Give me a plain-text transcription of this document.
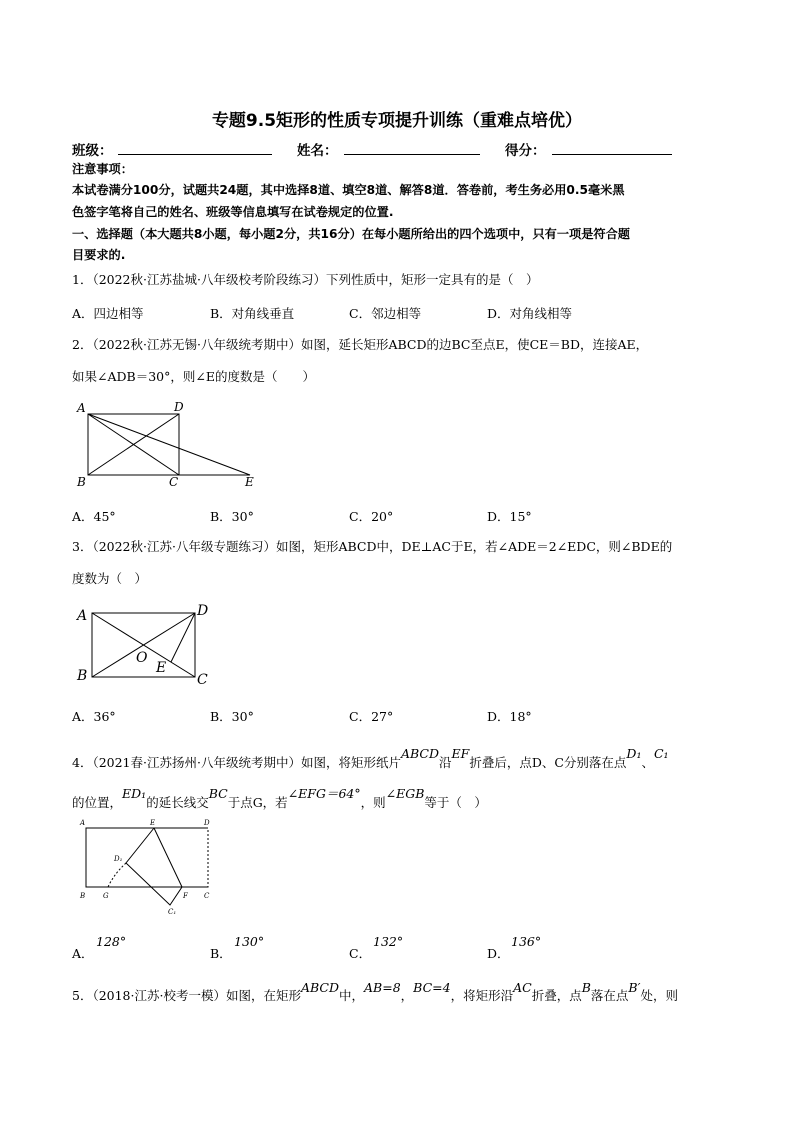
专题9.5矩形的性质专项提升训练（重难点培优）
班级：	姓名：	得分：
注意事项：
本试卷满分100分，试题共24题，其中选择8道、填空8道、解答8道．答卷前，考生务必用0.5毫米黑
色签字笔将自己的姓名、班级等信息填写在试卷规定的位置.
一、选择题（本大题共8小题，每小题2分，共16分）在每小题所给出的四个选项中，只有一项是符合题
目要求的.
1．（2022秋·江苏盐城·八年级校考阶段练习）下列性质中，矩形一定具有的是（　）
A．四边相等	B．对角线垂直	C．邻边相等	D．对角线相等
2．（2022秋·江苏无锡·八年级统考期中）如图，延长矩形ABCD的边BC至点E，使CE＝BD，连接AE，
如果∠ADB＝30°，则∠E的度数是（　　）
A	D
B	C	E
A．45°	B．30°	C．20°	D．15°
3．（2022秋·江苏·八年级专题练习）如图，矩形ABCD中，DE⊥AC于E，若∠ADE＝2∠EDC，则∠BDE的
度数为（　）
A	D
B	C
O
E
A．36°	B．30°	C．27°	D．18°
4．（2021春·江苏扬州·八年级统考期中）如图，将矩形纸片ABCD沿EF折叠后，点D、C分别落在点D₁、C₁
的位置，ED₁的延长线交BC于点G，若∠EFG＝64°，则∠EGB等于（　）
A	E	D
D₁
B	G	F C
C₁
A．
128°
B．
130°
C．
132°
D．
136°
5．（2018·江苏·校考一模）如图，在矩形ABCD中，AB=8，BC=4，将矩形沿AC折叠，点B落在点B′处，则
